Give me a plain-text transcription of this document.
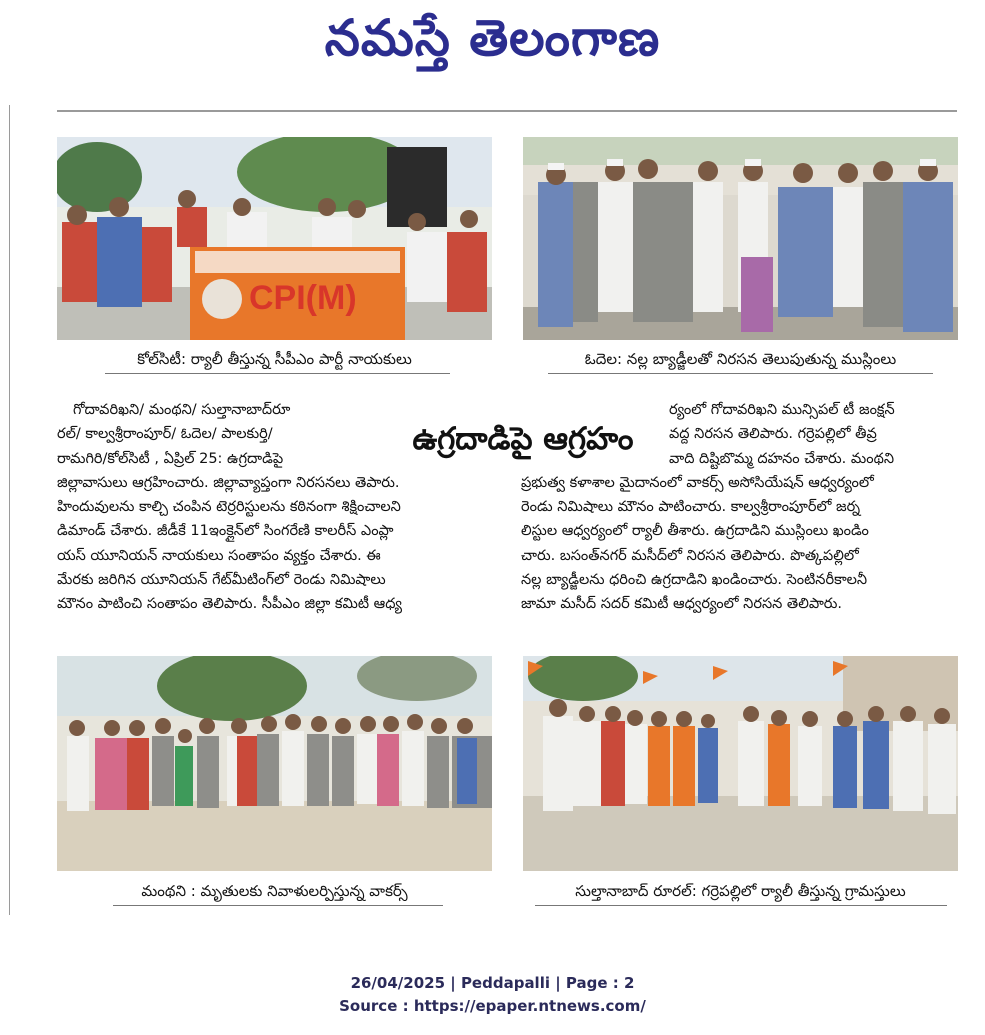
నమస్తే తెలంగాణ
CPI(M)
కోల్‌సిటీ: ర్యాలీ తీస్తున్న సీపీఎం పార్టీ నాయకులు	ఓదెల: నల్ల బ్యాడ్జీలతో నిరసన తెలుపుతున్న ముస్లింలు
ఉగ్రదాడిపై ఆగ్రహం
గోదావరిఖని/ మంథని/ సుల్తానాబాద్‌రూ
రల్/ కాల్వశ్రీరాంపూర్/ ఓదెల/ పాలకుర్తి/
రామగిరి/కోల్‌సిటీ , ఏప్రిల్ 25: ఉగ్రదాడిపై
జిల్లావాసులు ఆగ్రహించారు. జిల్లావ్యాప్తంగా నిరసనలు తెపారు.
హిందువులను కాల్చి చంపిన టెర్రరిస్టులను కఠినంగా శిక్షించాలని
డిమాండ్ చేశారు. జీడీకే 11ఇంక్లైన్‌లో సింగరేణి కాలరీస్ ఎంప్లా
యస్ యూనియన్ నాయకులు సంతాపం వ్యక్తం చేశారు. ఈ
మేరకు జరిగిన యూనియన్ గేట్‌మీటింగ్‌లో రెండు నిమిషాలు
మౌనం పాటించి సంతాపం తెలిపారు. సీపీఎం జిల్లా కమిటీ ఆధ్య
ర్యంలో గోదావరిఖని మున్సిపల్ టీ జంక్షన్
వద్ద నిరసన తెలిపారు. గర్రెపల్లిలో తీవ్ర
వాది దిష్టిబొమ్మ దహనం చేశారు. మంథని
ప్రభుత్వ కళాశాల మైదానంలో వాకర్స్ అసోసియేషన్ ఆధ్వర్యంలో
రెండు నిమిషాలు మౌనం పాటించారు. కాల్వశ్రీరాంపూర్‌లో జర్న
లిస్టుల ఆధ్వర్యంలో ర్యాలీ తీశారు. ఉగ్రదాడిని ముస్లింలు ఖండిం
చారు. బసంత్‌నగర్ మసీద్‌లో నిరసన తెలిపారు. పొత్కపల్లిలో
నల్ల బ్యాడ్జీలను ధరించి ఉగ్రదాడిని ఖండించారు. సెంటినరీకాలనీ
జామా మసీద్ సదర్ కమిటీ ఆధ్వర్యంలో నిరసన తెలిపారు.
మంథని : మృతులకు నివాళులర్పిస్తున్న వాకర్స్	సుల్తానాబాద్ రూరల్: గర్రెపల్లిలో ర్యాలీ తీస్తున్న గ్రామస్తులు
26/04/2025 | Peddapalli | Page : 2
Source : https://epaper.ntnews.com/
